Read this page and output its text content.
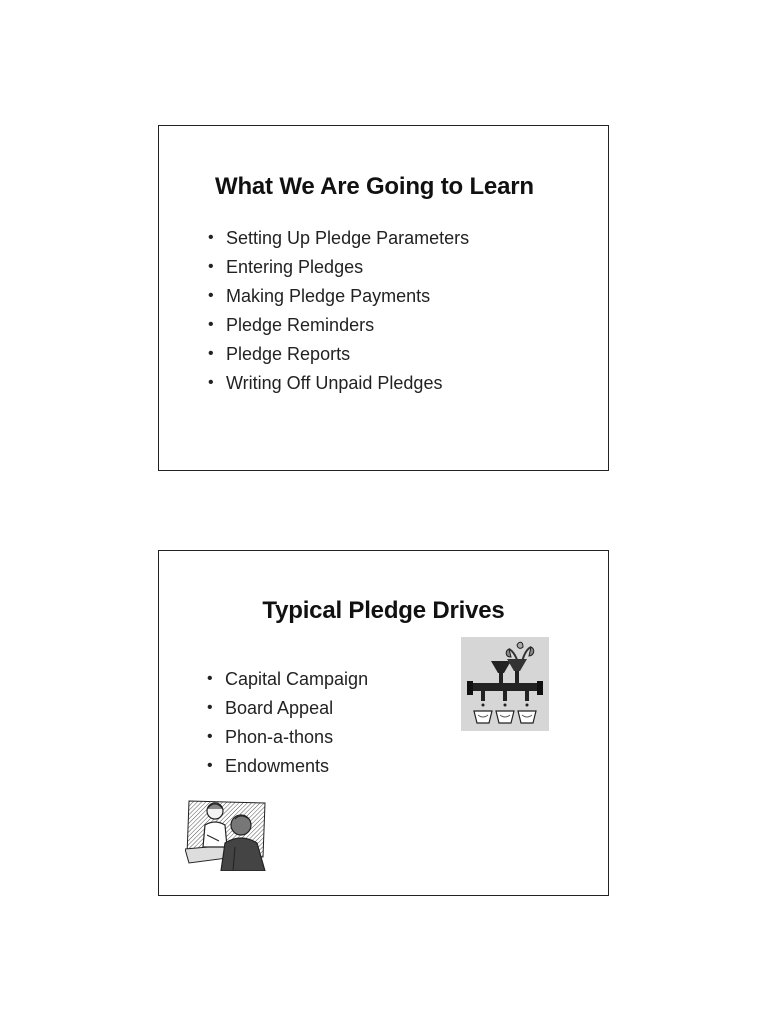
What We Are Going to Learn
• Setting Up Pledge Parameters
• Entering Pledges
• Making Pledge Payments
• Pledge Reminders
• Pledge Reports
• Writing Off Unpaid Pledges
Typical Pledge Drives
• Capital Campaign
• Board Appeal
• Phon-a-thons
• Endowments
